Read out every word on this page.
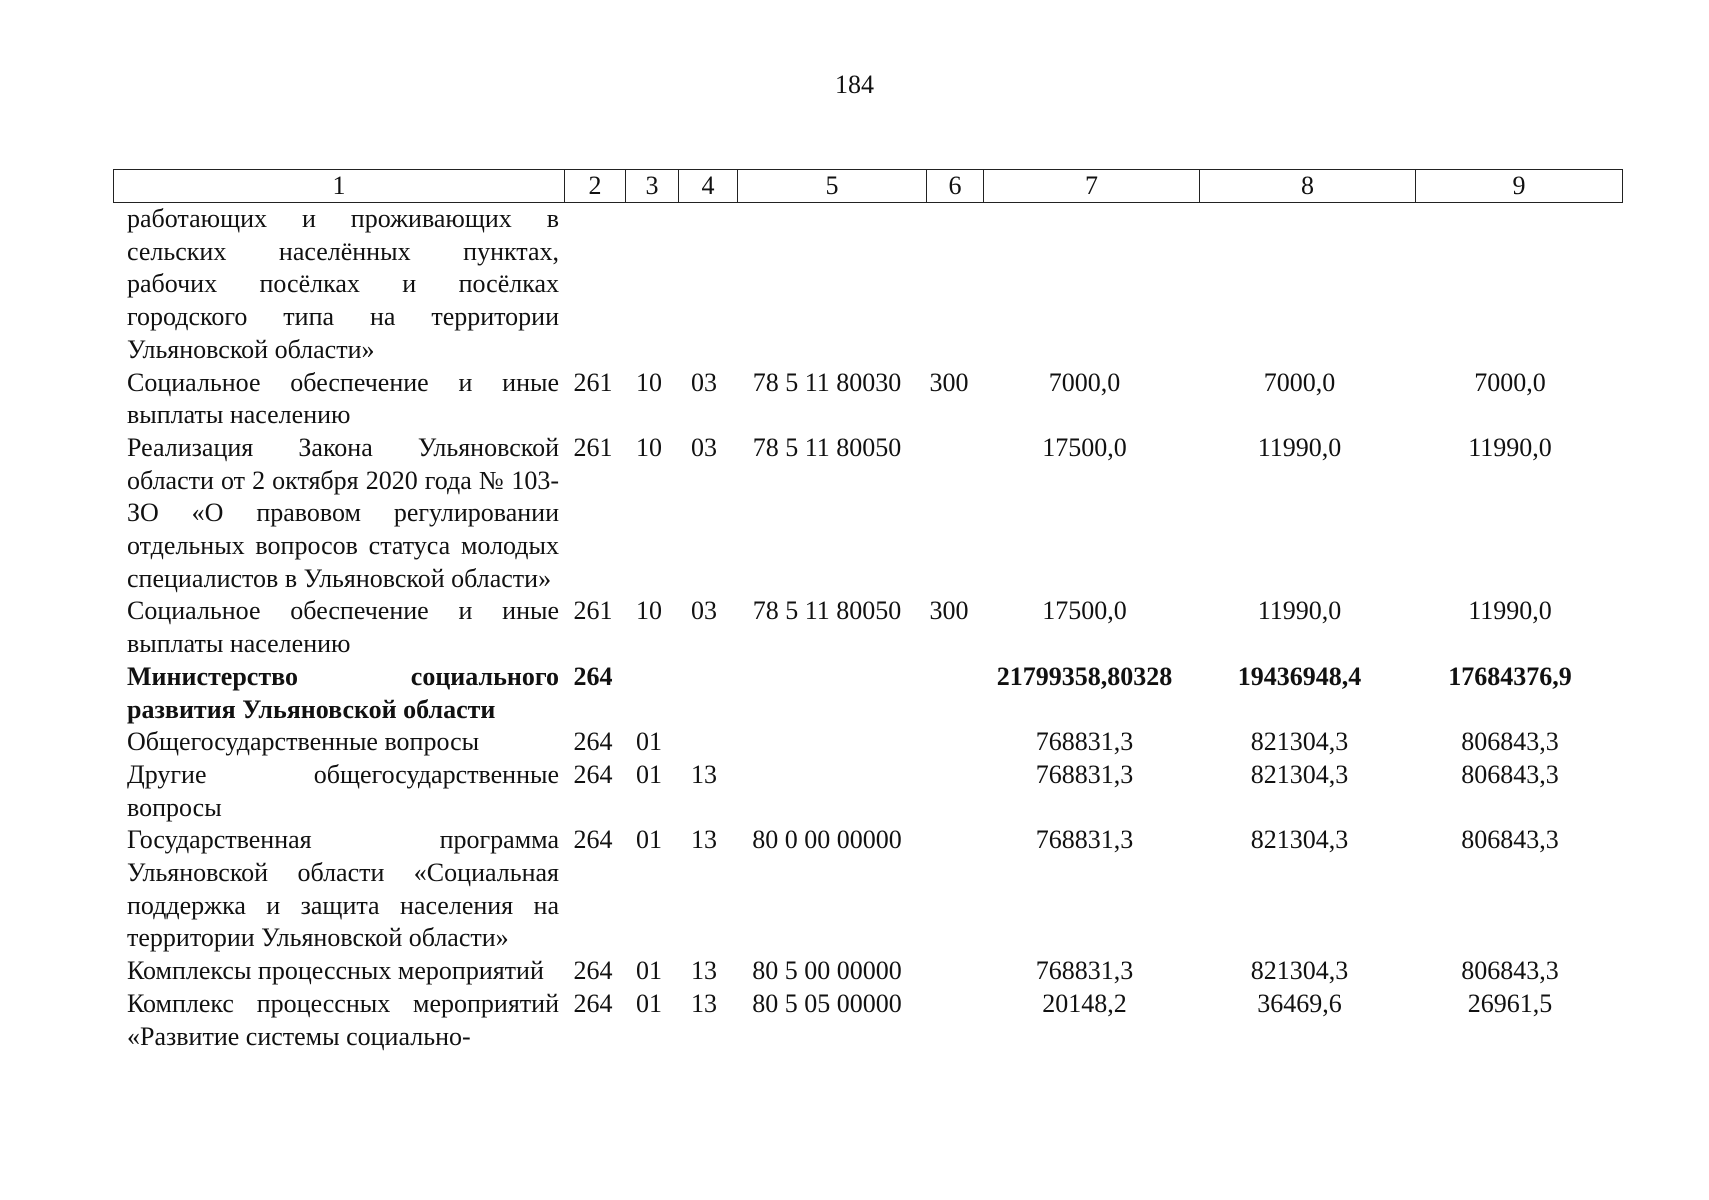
184
1	2	3	4	5	6	7	8	9
работающих и проживающих в сельских населённых пунктах, рабочих посёлках и посёлках городского типа на территории Ульяновской области»								
Социальное обеспечение и иные выплаты населению	261	10	03	78 5 11 80030	300	7000,0	7000,0	7000,0
Реализация Закона Ульяновской области от 2 октября 2020 года № 103-ЗО «О правовом регулировании отдельных вопросов статуса молодых специалистов в Ульяновской области»	261	10	03	78 5 11 80050		17500,0	11990,0	11990,0
Социальное обеспечение и иные выплаты населению	261	10	03	78 5 11 80050	300	17500,0	11990,0	11990,0
Министерство социального развития Ульяновской области	264					21799358,80328	19436948,4	17684376,9
Общегосударственные вопросы	264	01				768831,3	821304,3	806843,3
Другие общегосударственные вопросы	264	01	13			768831,3	821304,3	806843,3
Государственная программа Ульяновской области «Социальная поддержка и защита населения на территории Ульяновской области»	264	01	13	80 0 00 00000		768831,3	821304,3	806843,3
Комплексы процессных мероприятий	264	01	13	80 5 00 00000		768831,3	821304,3	806843,3
Комплекс процессных мероприятий «Развитие системы социально-	264	01	13	80 5 05 00000		20148,2	36469,6	26961,5
